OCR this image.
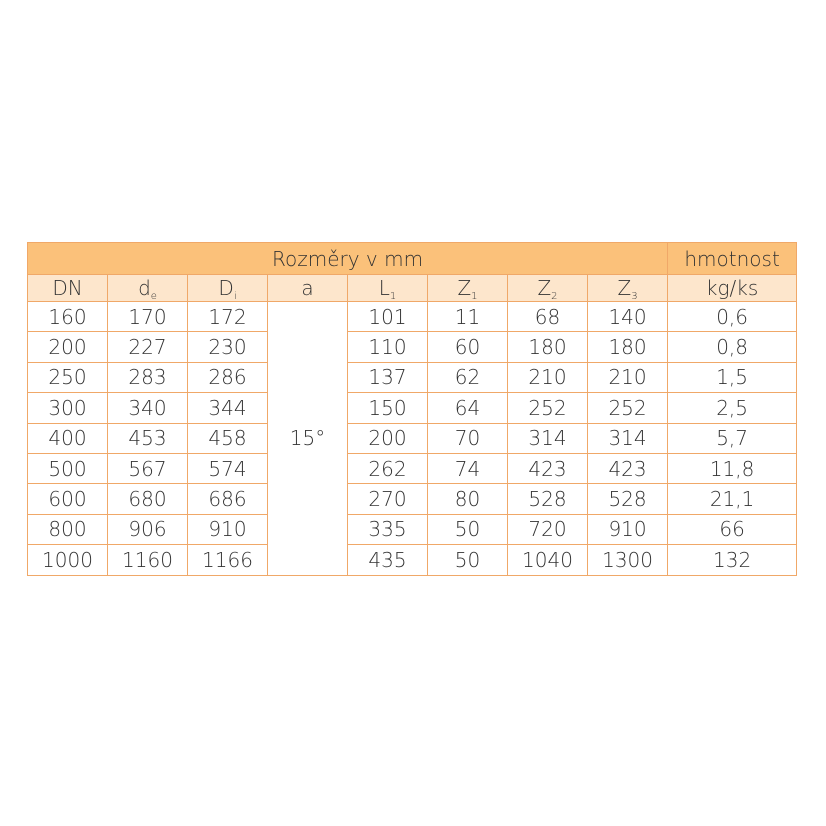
Rozměry v mm								hmotnost
DN	$d_e$	$D_i$	a	$L_1$	$Z_1$	$Z_2$	$Z_3$	kg/ks
160	170	172	15°	101	11	68	140	0,6
200	227	230		110	60	180	180	0,8
250	283	286		137	62	210	210	1,5
300	340	344		150	64	252	252	2,5
400	453	458		200	70	314	314	5,7
500	567	574		262	74	423	423	11,8
600	680	686		270	80	528	528	21,1
800	906	910		335	50	720	910	66
1000	1160	1166		435	50	1040	1300	132
